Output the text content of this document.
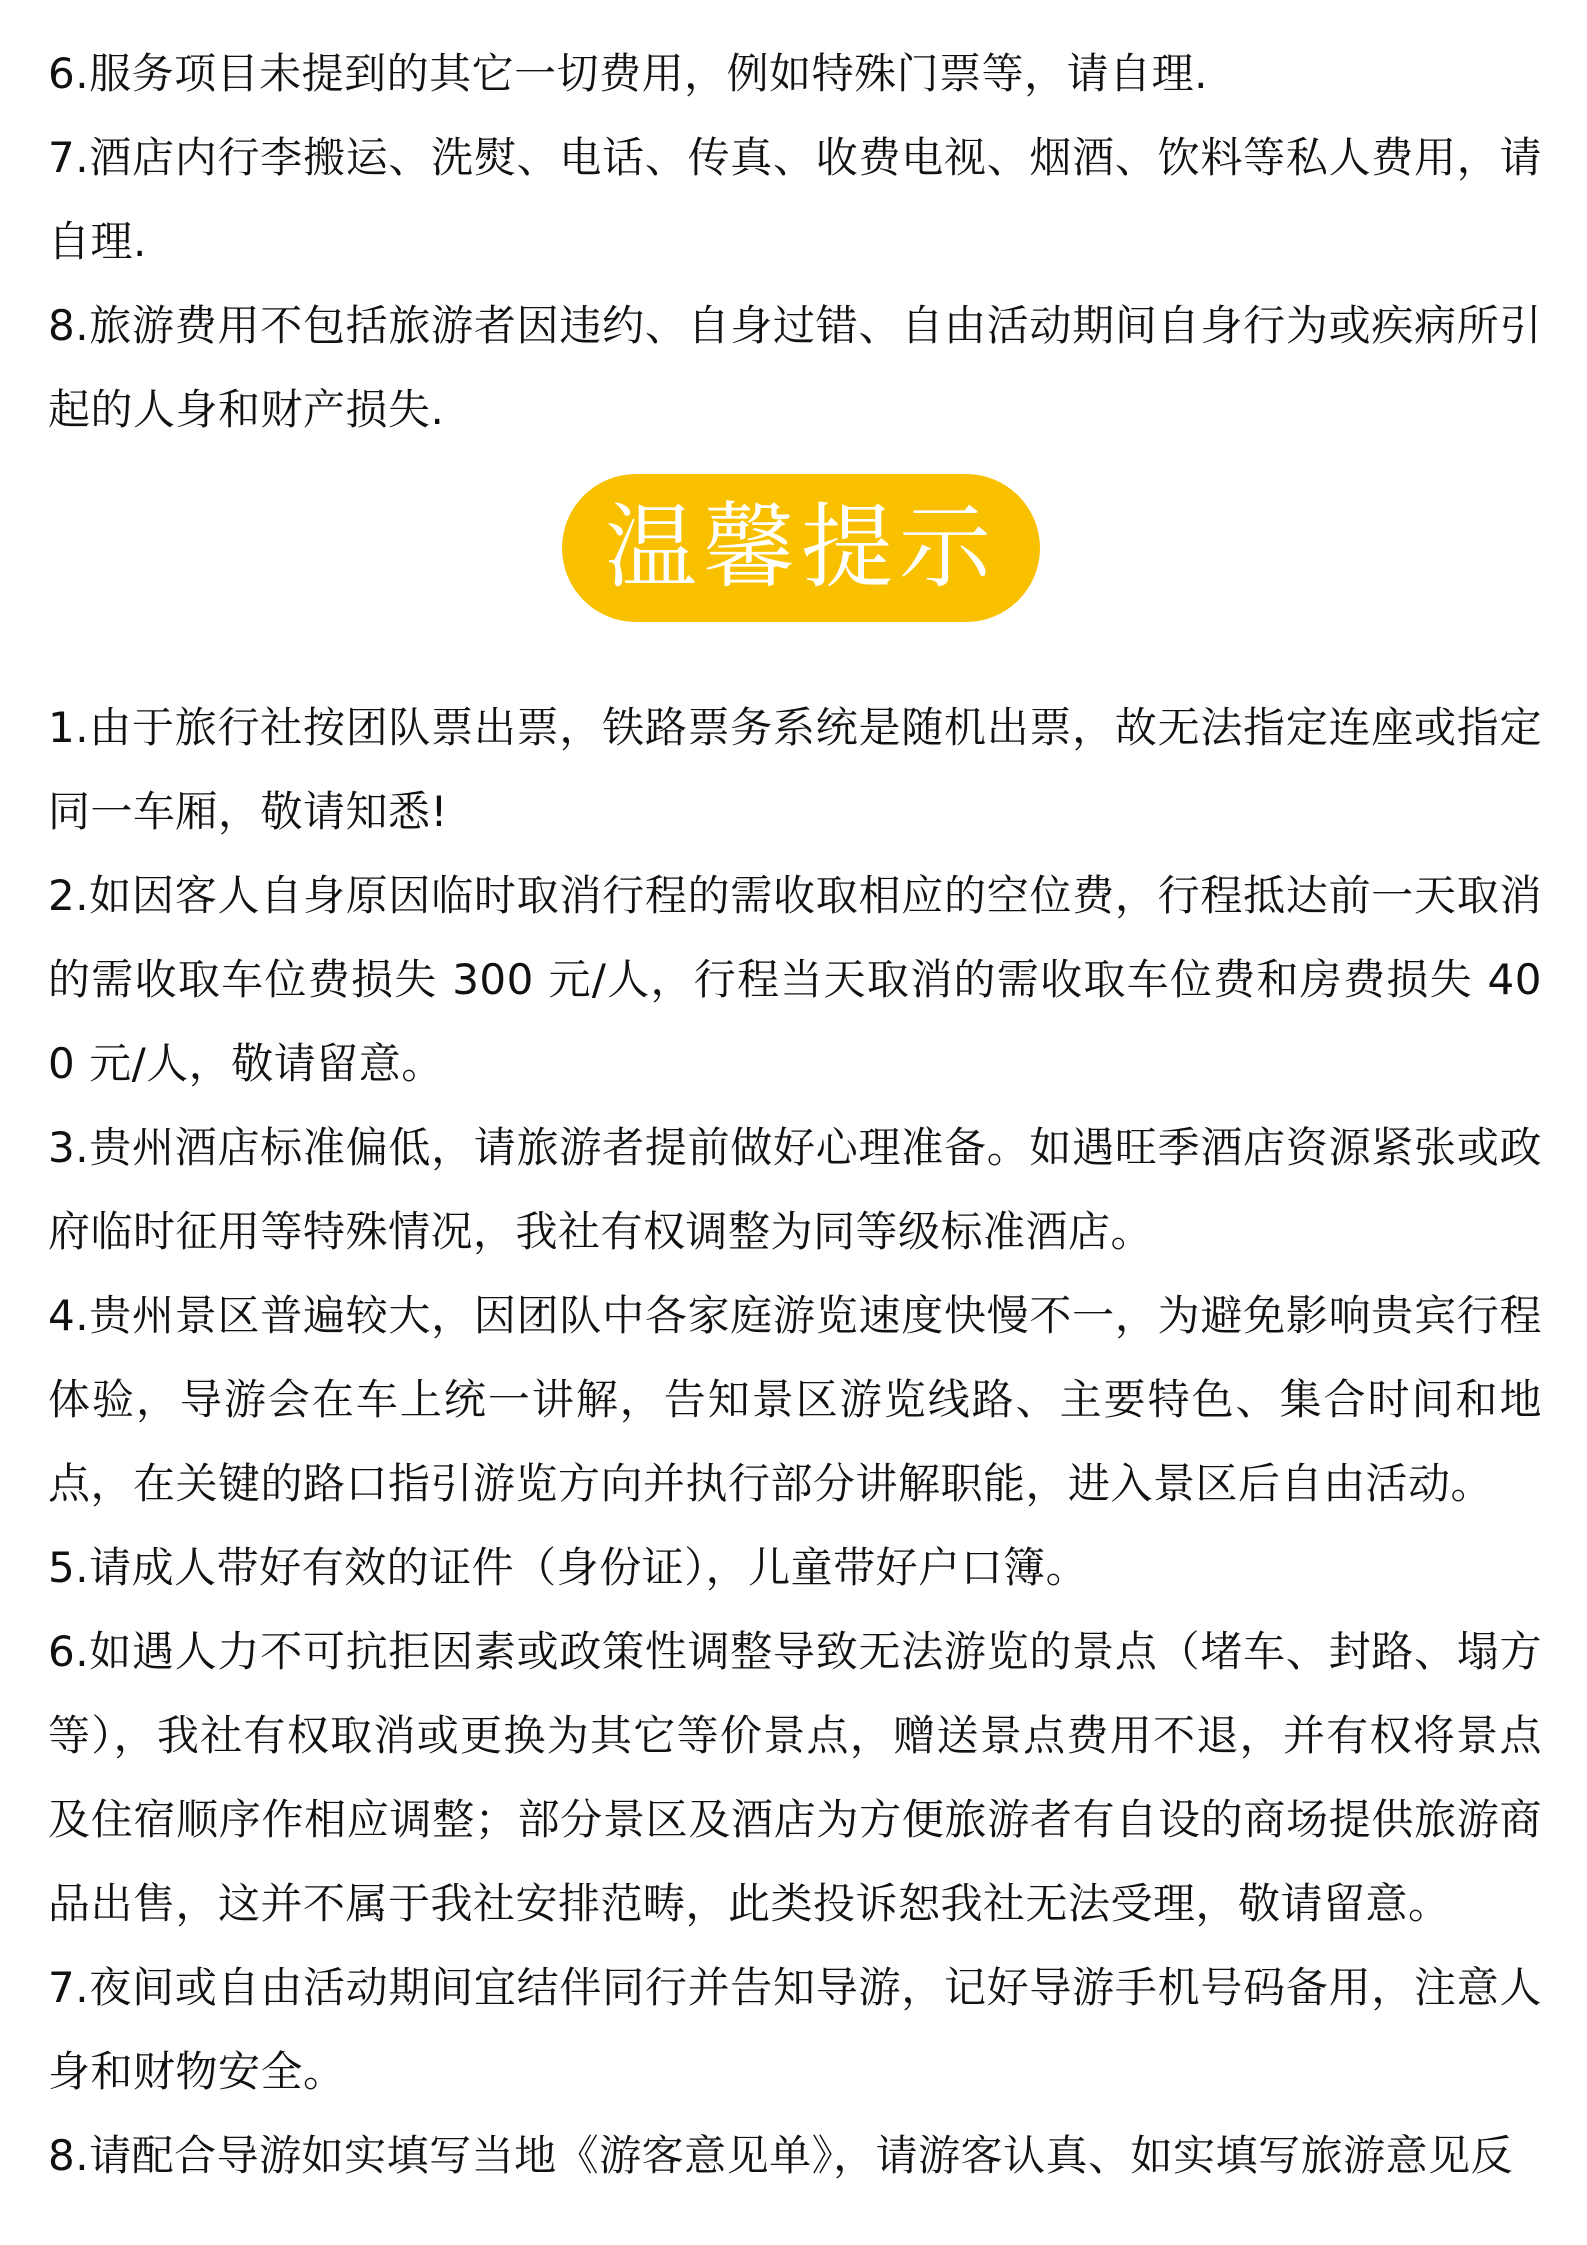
6.服务项目未提到的其它一切费用，例如特殊门票等，请自理.

7.酒店内行李搬运、洗熨、电话、传真、收费电视、烟酒、饮料等私人费用，请自理.

8.旅游费用不包括旅游者因违约、自身过错、自由活动期间自身行为或疾病所引起的人身和财产损失.

温馨提示

1.由于旅行社按团队票出票，铁路票务系统是随机出票，故无法指定连座或指定同一车厢，敬请知悉!

2.如因客人自身原因临时取消行程的需收取相应的空位费，行程抵达前一天取消的需收取车位费损失 300 元/人，行程当天取消的需收取车位费和房费损失 400 元/人，敬请留意。

3.贵州酒店标准偏低，请旅游者提前做好心理准备。如遇旺季酒店资源紧张或政府临时征用等特殊情况，我社有权调整为同等级标准酒店。

4.贵州景区普遍较大，因团队中各家庭游览速度快慢不一，为避免影响贵宾行程体验，导游会在车上统一讲解，告知景区游览线路、主要特色、集合时间和地点，在关键的路口指引游览方向并执行部分讲解职能，进入景区后自由活动。

5.请成人带好有效的证件（身份证），儿童带好户口簿。

6.如遇人力不可抗拒因素或政策性调整导致无法游览的景点（堵车、封路、塌方等），我社有权取消或更换为其它等价景点，赠送景点费用不退，并有权将景点及住宿顺序作相应调整；部分景区及酒店为方便旅游者有自设的商场提供旅游商品出售，这并不属于我社安排范畴，此类投诉恕我社无法受理，敬请留意。

7.夜间或自由活动期间宜结伴同行并告知导游，记好导游手机号码备用，注意人身和财物安全。

8.请配合导游如实填写当地《游客意见单》，请游客认真、如实填写旅游意见反
